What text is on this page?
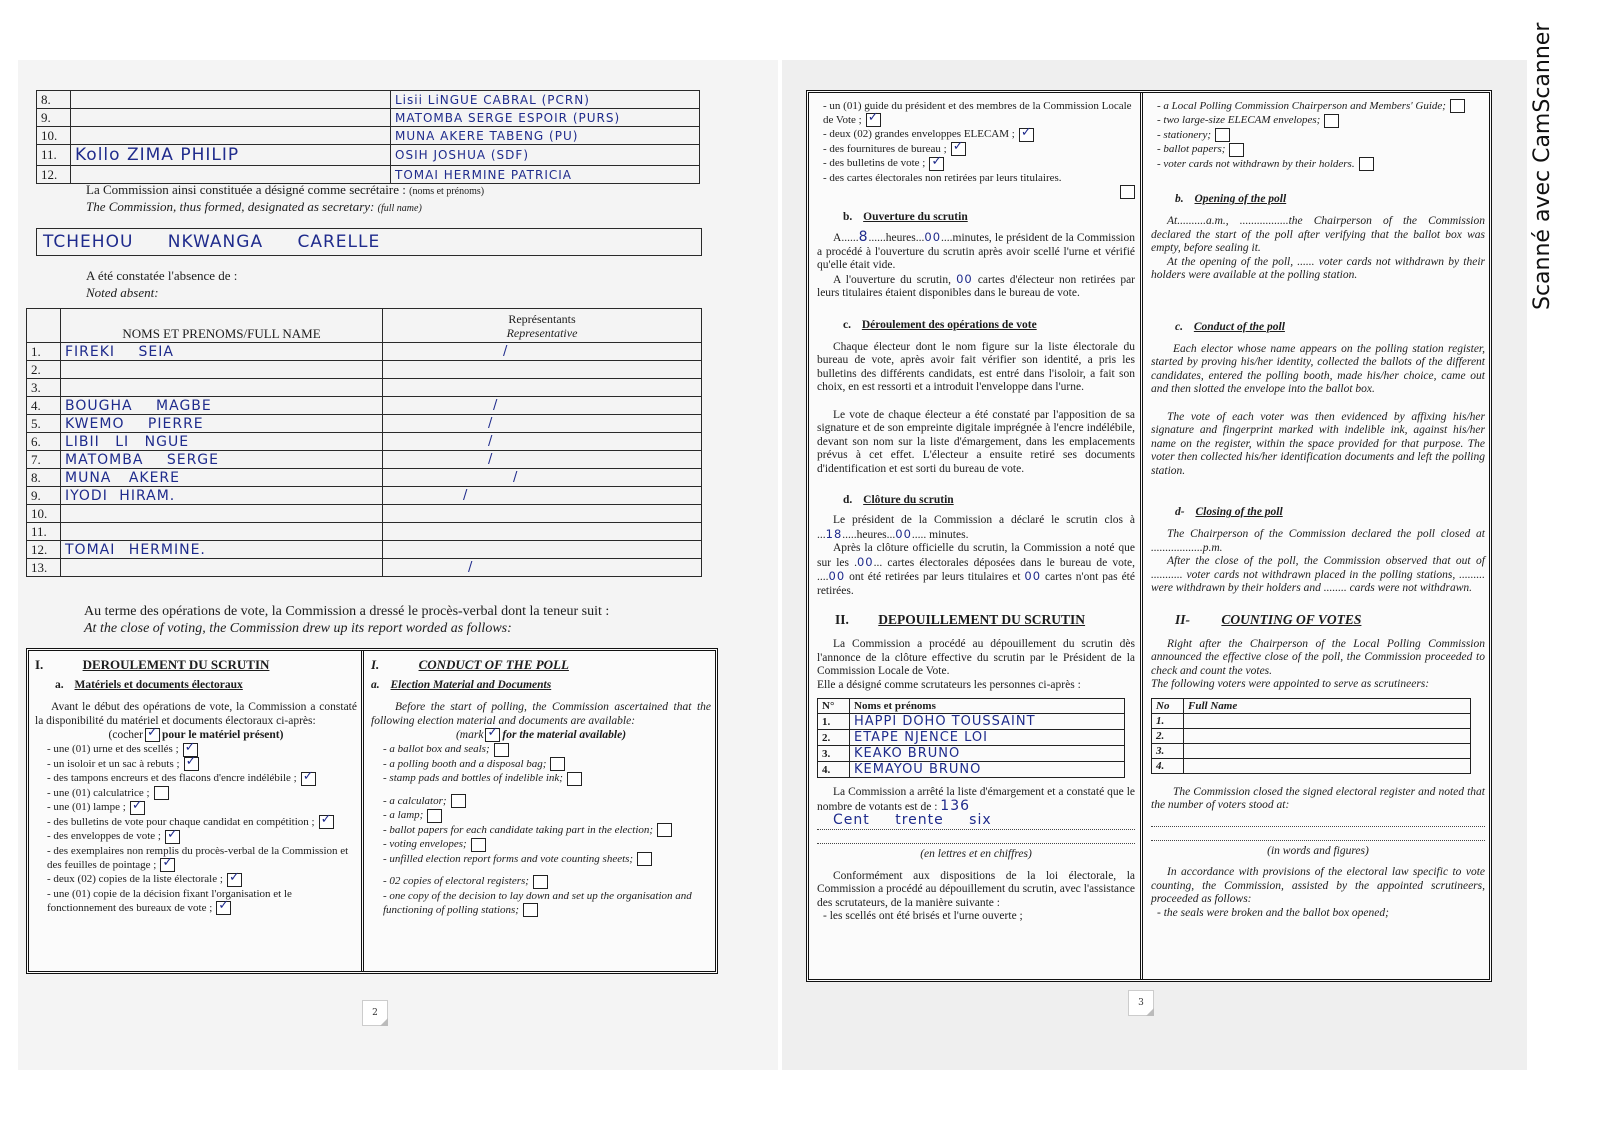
8.		Lisii LiNGUE CABRAL (PCRN)
9.		MATOMBA SERGE ESPOIR (PURS)
10.		MUNA AKERE TABENG (PU)
11.	Kollo ZIMA PHILIP	OSIH JOSHUA (SDF)
12.		TOMAI HERMINE PATRICIA
La Commission ainsi constituée a désigné comme secrétaire : (noms et prénoms)
The Commission, thus formed, designated as secretary: (full name)
TCHEHOU NKWANGA CARELLE
A été constatée l'absence de :
Noted absent:
	NOMS ET PRENOMS/FULL NAME	Représentants
Representative

1.	FIREKI SEIA	/
2.		
3.		
4.	BOUGHA MAGBE	/
5.	KWEMO PIERRE	/
6.	LIBII LI NGUE	/
7.	MATOMBA SERGE	/
8.	MUNA AKERE	/
9.	IYODI HIRAM.	/
10.		
11.		
12.	TOMAI HERMINE.	
13.		/
Au terme des opérations de vote, la Commission a dressé le procès-verbal dont la teneur suit :
At the close of voting, the Commission drew up its report worded as follows:
I.	DEROULEMENT DU SCRUTIN
a. Matériels et documents électoraux
Avant le début des opérations de vote, la Commission a constaté la disponibilité du matériel et documents électoraux ci-après:
(cocher ✓ pour le matériel présent)
- une (01) urne et des scellés ;✓
- un isoloir et un sac à rebuts ;✓
- des tampons encreurs et des flacons d'encre indélébile ;✓
- une (01) calculatrice ;
- une (01) lampe ;✓
- des bulletins de vote pour chaque candidat en compétition ;✓
- des enveloppes de vote ;✓
- des exemplaires non remplis du procès-verbal de la Commission et des feuilles de pointage ;✓
- deux (02) copies de la liste électorale ;✓
- une (01) copie de la décision fixant l'organisation et le fonctionnement des bureaux de vote ;✓
I.	CONDUCT OF THE POLL
a. Election Material and Documents
Before the start of polling, the Commission ascertained that the following election material and documents are available:
(mark ✓ for the material available)
- a ballot box and seals;
- a polling booth and a disposal bag;
- stamp pads and bottles of indelible ink;
- a calculator;
- a lamp;
- ballot papers for each candidate taking part in the election;
- voting envelopes;
- unfilled election report forms and vote counting sheets;
- 02 copies of electoral registers;
- one copy of the decision to lay down and set up the organisation and functioning of polling stations;
2
- un (01) guide du président et des membres de la Commission Locale de Vote ;✓
- deux (02) grandes enveloppes ELECAM ;✓
- des fournitures de bureau ;✓
- des bulletins de vote ;✓
- des cartes électorales non retirées par leurs titulaires.
b. Ouverture du scrutin
A......8......heures...00....minutes, le président de la Commission a procédé à l'ouverture du scrutin après avoir scellé l'urne et vérifié qu'elle était vide.
A l'ouverture du scrutin, 00 cartes d'électeur non retirées par leurs titulaires étaient disponibles dans le bureau de vote.
c. Déroulement des opérations de vote
Chaque électeur dont le nom figure sur la liste électorale du bureau de vote, après avoir fait vérifier son identité, a pris les bulletins des différents candidats, est entré dans l'isoloir, a fait son choix, en est ressorti et a introduit l'enveloppe dans l'urne.
Le vote de chaque électeur a été constaté par l'apposition de sa signature et de son empreinte digitale imprégnée à l'encre indélébile, devant son nom sur la liste d'émargement, dans les emplacements prévus à cet effet. L'électeur a ensuite retiré ses documents d'identification et est sorti du bureau de vote.
d. Clôture du scrutin
Le président de la Commission a déclaré le scrutin clos à ...18.....heures...00..... minutes.
Après la clôture officielle du scrutin, la Commission a noté que sur les .00... cartes électorales déposées dans le bureau de vote, ....00 ont été retirées par leurs titulaires et 00 cartes n'ont pas été retirées.
II. DEPOUILLEMENT DU SCRUTIN
La Commission a procédé au dépouillement du scrutin dès l'annonce de la clôture effective du scrutin par le Président de la Commission Locale de Vote.
Elle a désigné comme scrutateurs les personnes ci-après :
N°	Noms et prénoms
1.	HAPPI DOHO TOUSSAINT
2.	ETAPE NJENCE LOI
3.	KEAKO BRUNO
4.	KEMAYOU BRUNO
La Commission a arrêté la liste d'émargement et a constaté que le nombre de votants est de : 136
Cent trente six
(en lettres et en chiffres)
Conformément aux dispositions de la loi électorale, la Commission a procédé au dépouillement du scrutin, avec l'assistance des scrutateurs, de la manière suivante :
- les scellés ont été brisés et l'urne ouverte ;
- a Local Polling Commission Chairperson and Members' Guide;
- two large-size ELECAM envelopes;
- stationery;
- ballot papers;
- voter cards not withdrawn by their holders.
b. Opening of the poll
At..........a.m., .................the Chairperson of the Commission declared the start of the poll after verifying that the ballot box was empty, before sealing it.
At the opening of the poll, ...... voter cards not withdrawn by their holders were available at the polling station.
c. Conduct of the poll
Each elector whose name appears on the polling station register, started by proving his/her identity, collected the ballots of the different candidates, entered the polling booth, made his/her choice, came out and then slotted the envelope into the ballot box.
The vote of each voter was then evidenced by affixing his/her signature and fingerprint marked with indelible ink, against his/her name on the register, within the space provided for that purpose. The voter then collected his/her identification documents and left the polling station.
d- Closing of the poll
The Chairperson of the Commission declared the poll closed at ..................p.m.
After the close of the poll, the Commission observed that out of ........... voter cards not withdrawn placed in the polling stations, ......... were withdrawn by their holders and ........ cards were not withdrawn.
II- COUNTING OF VOTES
Right after the Chairperson of the Local Polling Commission announced the effective close of the poll, the Commission proceeded to check and count the votes.
The following voters were appointed to serve as scrutineers:
No	Full Name
1.	
2.	
3.	
4.	
The Commission closed the signed electoral register and noted that the number of voters stood at:
(in words and figures)
In accordance with provisions of the electoral law specific to vote counting, the Commission, assisted by the appointed scrutineers, proceeded as follows:
- the seals were broken and the ballot box opened;
3
Scanné avec CamScanner
